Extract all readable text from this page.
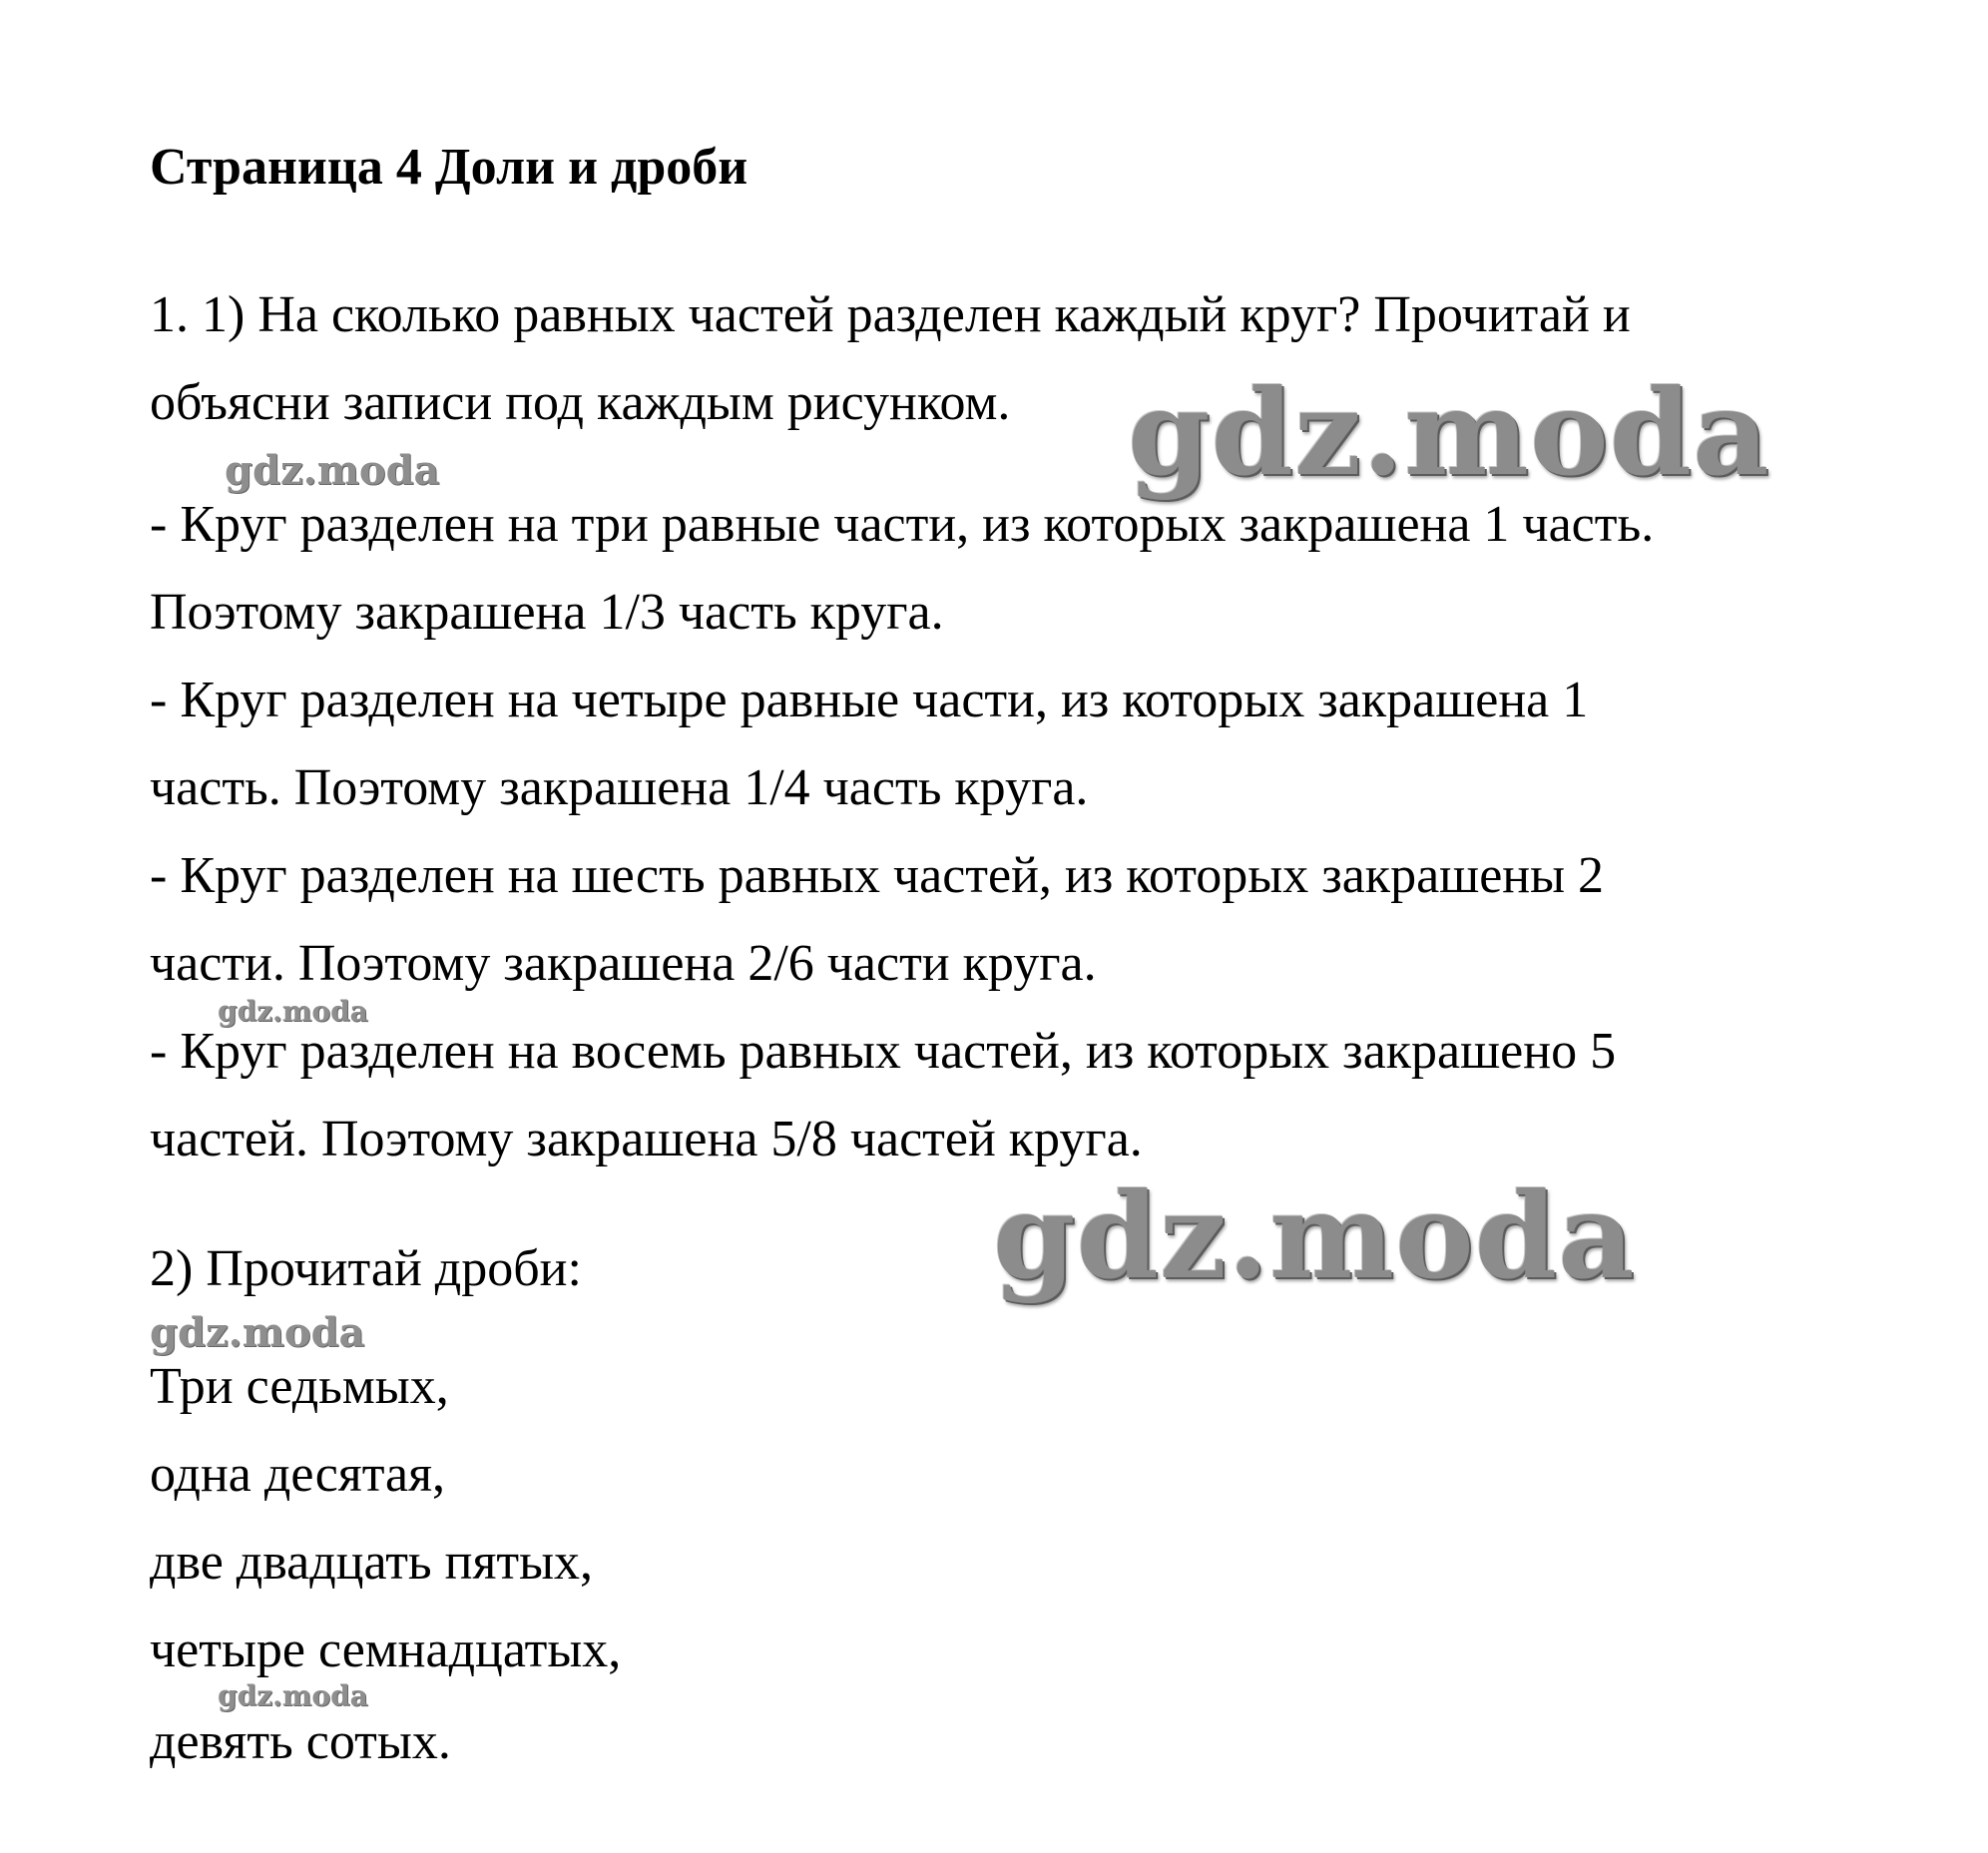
Страница 4 Доли и дроби
1. 1) На сколько равных частей разделен каждый круг? Прочитай и
объясни записи под каждым рисунком.
- Круг разделен на три равные части, из которых закрашена 1 часть.
Поэтому закрашена 1/3 часть круга.
- Круг разделен на четыре равные части, из которых закрашена 1
часть. Поэтому закрашена 1/4 часть круга.
- Круг разделен на шесть равных частей, из которых закрашены 2
части. Поэтому закрашена 2/6 части круга.
- Круг разделен на восемь равных частей, из которых закрашено 5
частей. Поэтому закрашена 5/8 частей круга.
2) Прочитай дроби:
Три седьмых,
одна десятая,
две двадцать пятых,
четыре семнадцатых,
девять сотых.
gdz.moda
gdz.moda
gdz.moda
gdz.moda
gdz.moda
gdz.moda
